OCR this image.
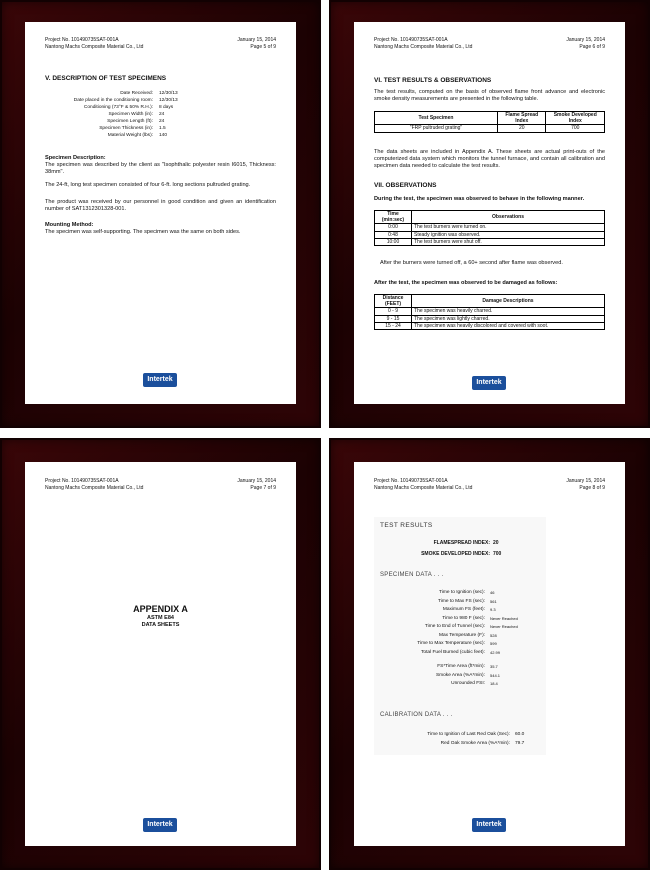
Project No. 101490735SAT-001A
Nantong Machs Composite Material Co., Ltd
January 15, 2014
Page 5 of 9
V. DESCRIPTION OF TEST SPECIMENS
Date Received: 12/30/13
Date placed in the conditioning room: 12/30/13
Conditioning (73°F & 50% R.H.): 8 days
Specimen Width (in): 24
Specimen Length (ft): 24
Specimen Thickness (in): 1.5
Material Weight (lbs): 140
Specimen Description:
The specimen was described by the client as "Isophthalic polyester resin I6015, Thickness: 38mm".
The 24-ft, long test specimen consisted of four 6-ft. long sections pultruded grating.
The product was received by our personnel in good condition and given an identification number of SAT1312301328-001.
Mounting Method:
The specimen was self-supporting. The specimen was the same on both sides.
Intertek
Project No. 101490735SAT-001A
Nantong Machs Composite Material Co., Ltd
January 15, 2014
Page 6 of 9
VI. TEST RESULTS & OBSERVATIONS
The test results, computed on the basis of observed flame front advance and electronic smoke density measurements are presented in the following table.
Test Specimen	Flame Spread Index	Smoke Developed Index
"FRP pultruded grating"	20	700
The data sheets are included in Appendix A. These sheets are actual print-outs of the computerized data system which monitors the tunnel furnace, and contain all calibration and specimen data needed to calculate the test results.
VII. OBSERVATIONS
During the test, the specimen was observed to behave in the following manner.
Time (min:sec)	Observations
0:00	The test burners were turned on.
0:48	Steady ignition was observed.
10:00	The test burners were shut off.
After the burners were turned off, a 60+ second after flame was observed.
After the test, the specimen was observed to be damaged as follows:
Distance (FEET)	Damage Descriptions
0 - 9	The specimen was heavily charred.
9 - 15	The specimen was lightly charred.
15 - 24	The specimen was heavily discolored and covered with soot.
Intertek
Project No. 101490735SAT-001A
Nantong Machs Composite Material Co., Ltd
January 15, 2014
Page 7 of 9
APPENDIX A
ASTM E84
DATA SHEETS
Intertek
Project No. 101490735SAT-001A
Nantong Machs Composite Material Co., Ltd
January 15, 2014
Page 8 of 9
TEST RESULTS
FLAMESPREAD INDEX: 20
SMOKE DEVELOPED INDEX: 700
SPECIMEN DATA . . .
Time to Ignition (sec): 46
Time to Max FS (sec): 561
Maximum FS (feet): 9.3
Time to 980 F (sec): Never Reached
Time to End of Tunnel (sec): Never Reached
Max Temperature (F): 528
Time to Max Temperature (sec): 599
Total Fuel Burned (cubic feet): 42.99
FS*Time Area (ft*min): 35.7
Smoke Area (%A*min): 544.1
Unrounded FSI: 18.4
CALIBRATION DATA . . .
Time to Ignition of Last Red Oak (Sec): 60.0
Red Oak Smoke Area (%A*min): 79.7
Intertek
